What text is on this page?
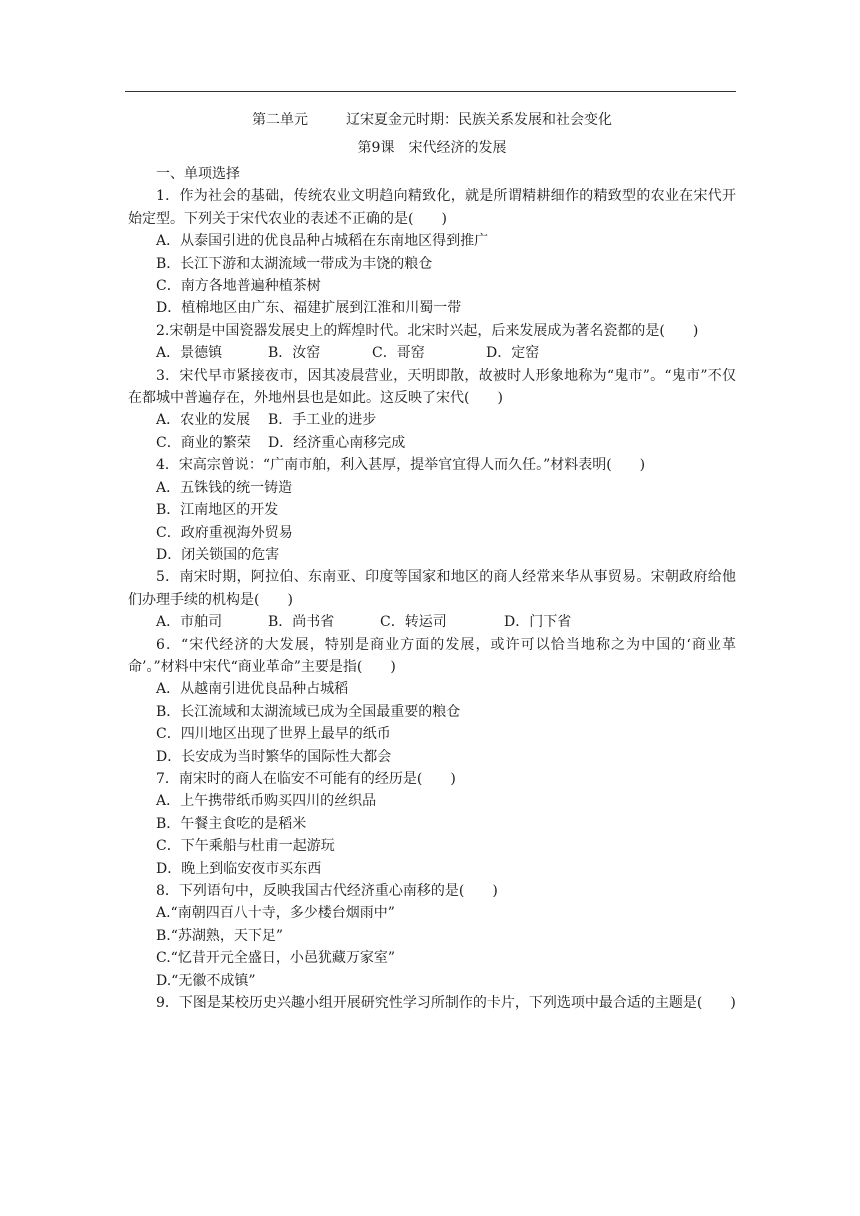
第二单元	辽宋夏金元时期：民族关系发展和社会变化
第9课 宋代经济的发展
一、单项选择

1．作为社会的基础，传统农业文明趋向精致化，就是所谓精耕细作的精致型的农业在宋代开始定型。下列关于宋代农业的表述不正确的是(　　)

A．从泰国引进的优良品种占城稻在东南地区得到推广

B．长江下游和太湖流域一带成为丰饶的粮仓

C．南方各地普遍种植茶树

D．植棉地区由广东、福建扩展到江淮和川蜀一带

2.宋朝是中国瓷器发展史上的辉煌时代。北宋时兴起，后来发展成为著名瓷都的是(　　)

A．景德镇	B．汝窑	C．哥窑	D．定窑

3．宋代早市紧接夜市，因其凌晨营业，天明即散，故被时人形象地称为“鬼市”。“鬼市”不仅在都城中普遍存在，外地州县也是如此。这反映了宋代(　　)

A．农业的发展 B．手工业的进步

C．商业的繁荣 D．经济重心南移完成

4．宋高宗曾说：“广南市舶，利入甚厚，提举官宜得人而久任。”材料表明(　　)

A．五铢钱的统一铸造

B．江南地区的开发

C．政府重视海外贸易

D．闭关锁国的危害

5．南宋时期，阿拉伯、东南亚、印度等国家和地区的商人经常来华从事贸易。宋朝政府给他们办理手续的机构是(　　)

A．市舶司	B．尚书省	C．转运司	D．门下省

6．“宋代经济的大发展，特别是商业方面的发展，或许可以恰当地称之为中国的‘商业革命’。”材料中宋代“商业革命”主要是指(　　)

A．从越南引进优良品种占城稻

B．长江流域和太湖流域已成为全国最重要的粮仓

C．四川地区出现了世界上最早的纸币

D．长安成为当时繁华的国际性大都会

7．南宋时的商人在临安不可能有的经历是(　　)

A．上午携带纸币购买四川的丝织品

B．午餐主食吃的是稻米

C．下午乘船与杜甫一起游玩

D．晚上到临安夜市买东西

8．下列语句中，反映我国古代经济重心南移的是(　　)

A.“南朝四百八十寺，多少楼台烟雨中”

B.“苏湖熟，天下足”

C.“忆昔开元全盛日，小邑犹藏万家室”

D.“无徽不成镇”

9．下图是某校历史兴趣小组开展研究性学习所制作的卡片，下列选项中最合适的主题是(　　)
